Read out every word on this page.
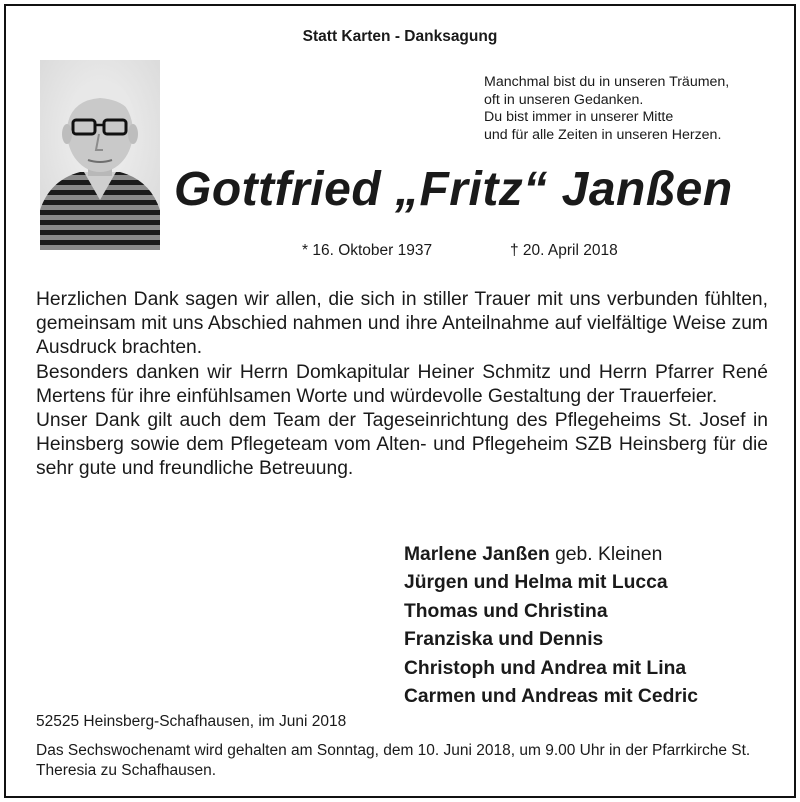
Statt Karten - Danksagung
Manchmal bist du in unseren Träumen,
oft in unseren Gedanken.
Du bist immer in unserer Mitte
und für alle Zeiten in unseren Herzen.
Gottfried „Fritz“ Janßen
* 16. Oktober 1937	† 20. April 2018

Herzlichen Dank sagen wir allen, die sich in stiller Trauer mit uns verbunden fühlten, gemeinsam mit uns Abschied nahmen und ihre Anteilnahme auf vielfältige Weise zum Ausdruck brachten.

Besonders danken wir Herrn Domkapitular Heiner Schmitz und Herrn Pfarrer René Mertens für ihre einfühlsamen Worte und würdevolle Gestaltung der Trauerfeier.

Unser Dank gilt auch dem Team der Tageseinrichtung des Pflegeheims St. Josef in Heinsberg sowie dem Pflegeteam vom Alten- und Pflegeheim SZB Heinsberg für die sehr gute und freundliche Betreuung.

Marlene Janßen geb. Kleinen
Jürgen und Helma mit Lucca
Thomas und Christina
Franziska und Dennis
Christoph und Andrea mit Lina
Carmen und Andreas mit Cedric
52525 Heinsberg-Schafhausen, im Juni 2018
Das Sechswochenamt wird gehalten am Sonntag, dem 10. Juni 2018, um 9.00 Uhr in der Pfarrkirche St. Theresia zu Schafhausen.
